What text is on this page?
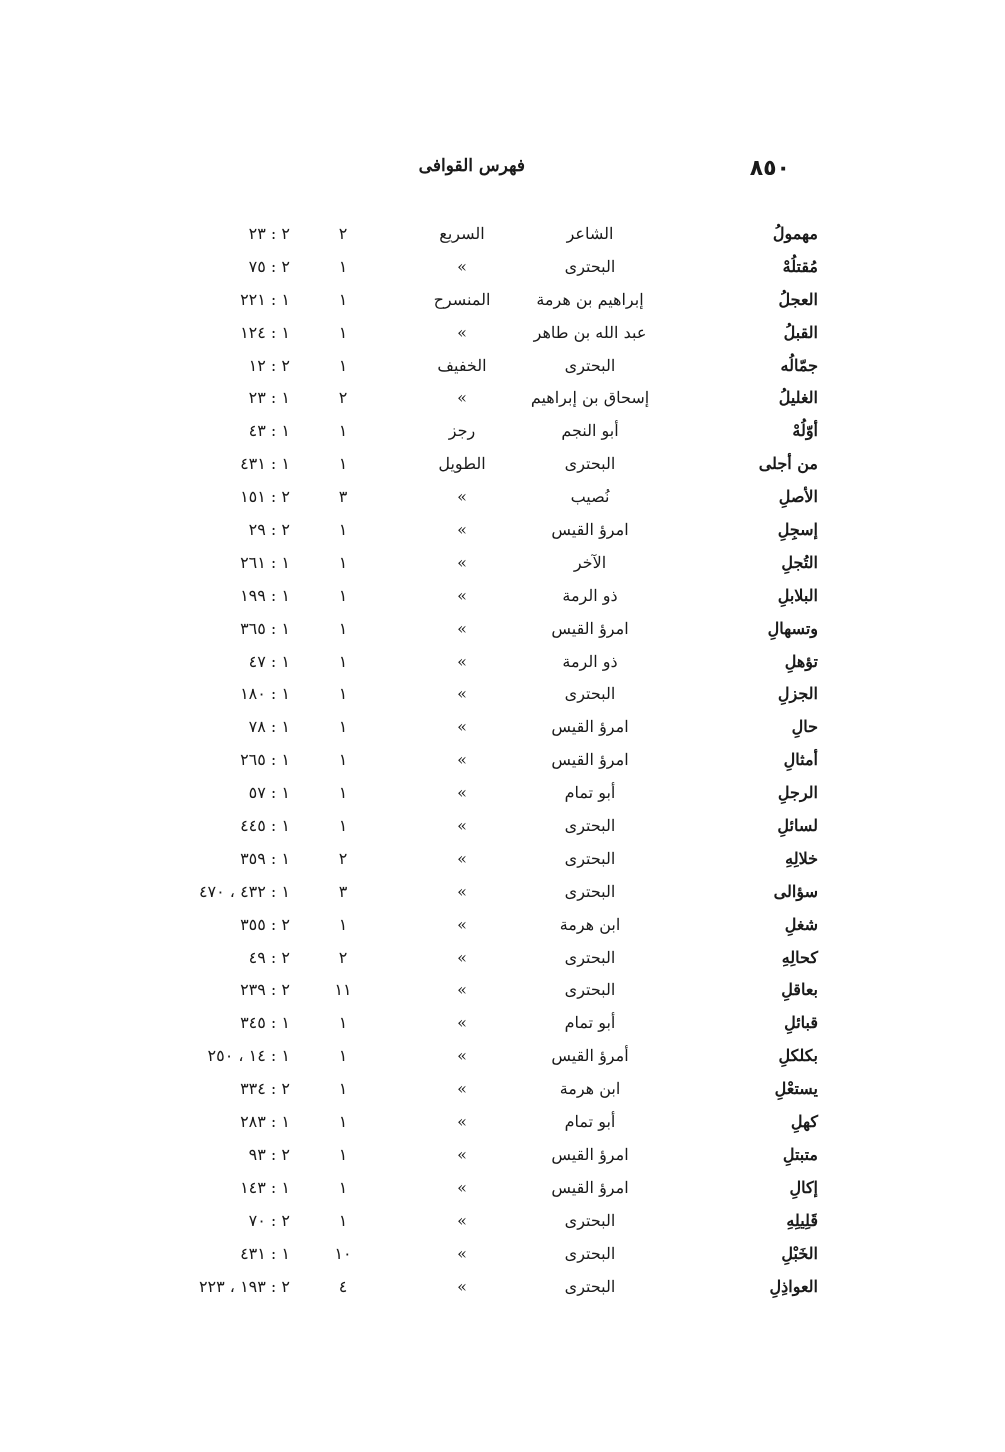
٨٥٠
فهرس القوافى
مهمولُ
الشاعر
السريع
٢
٢ : ٢٣
مُقتلُهْ
البحترى
»
١
٢ : ٧٥
العجلُ
إبراهيم بن هرمة
المنسرح
١
١ : ٢٢١
القبلُ
عبد الله بن طاهر
»
١
١ : ١٢٤
جمّالُه
البحترى
الخفيف
١
٢ : ١٢
الغليلُ
إسحاق بن إبراهيم
»
٢
١ : ٢٣
أوّلُهْ
أبو النجم
رجز
١
١ : ٤٣
من أجلى
البحترى
الطويل
١
١ : ٤٣١
الأصلِ
نُصيب
»
٣
٢ : ١٥١
إسجِلِ
امرؤ القيس
»
١
٢ : ٢٩
التُجلِ
الآخر
»
١
١ : ٢٦١
البلابلِ
ذو الرمة
»
١
١ : ١٩٩
وتسهالِ
امرؤ القيس
»
١
١ : ٣٦٥
تؤهلِ
ذو الرمة
»
١
١ : ٤٧
الجزلِ
البحترى
»
١
١ : ١٨٠
حالِ
امرؤ القيس
»
١
١ : ٧٨
أمثالِ
امرؤ القيس
»
١
١ : ٢٦٥
الرجلِ
أبو تمام
»
١
١ : ٥٧
لسائلِ
البحترى
»
١
١ : ٤٤٥
خلالِهِ
البحترى
»
٢
١ : ٣٥٩
سؤالى
البحترى
»
٣
١ : ٤٣٢ ، ٤٧٠
شغلِ
ابن هرمة
»
١
٢ : ٣٥٥
كحالِهِ
البحترى
»
٢
٢ : ٤٩
بعاقلِ
البحترى
»
١١
٢ : ٢٣٩
قبائلِ
أبو تمام
»
١
١ : ٣٤٥
بكلكلِ
أمرؤ القيس
»
١
١ : ١٤ ، ٢٥٠
يستعْلِ
ابن هرمة
»
١
٢ : ٣٣٤
كهلِ
أبو تمام
»
١
١ : ٢٨٣
متبتلِ
امرؤ القيس
»
١
٢ : ٩٣
إكالِ
امرؤ القيس
»
١
١ : ١٤٣
قَلِيلِهِ
البحترى
»
١
٢ : ٧٠
الخَبْلِ
البحترى
»
١٠
١ : ٤٣١
العواذِلِ
البحترى
»
٤
٢ : ١٩٣ ، ٢٢٣
